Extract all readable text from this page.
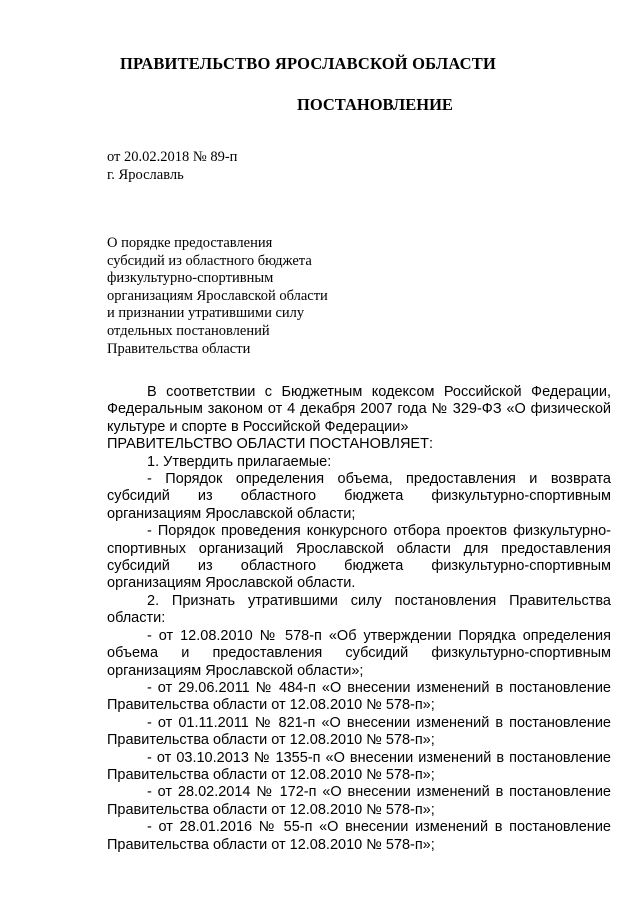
ПРАВИТЕЛЬСТВО ЯРОСЛАВСКОЙ ОБЛАСТИ
ПОСТАНОВЛЕНИЕ
от 20.02.2018 № 89-п
г. Ярославль
О порядке предоставления
субсидий из областного бюджета
физкультурно-спортивным
организациям Ярославской области
и признании утратившими силу
отдельных постановлений
Правительства области

В соответствии с Бюджетным кодексом Российской Федерации, Федеральным законом от 4 декабря 2007 года № 329-ФЗ «О физической культуре и спорте в Российской Федерации»

ПРАВИТЕЛЬСТВО ОБЛАСТИ ПОСТАНОВЛЯЕТ:

1. Утвердить прилагаемые:

- Порядок определения объема, предоставления и возврата субсидий из областного бюджета физкультурно-спортивным организациям Ярославской области;

- Порядок проведения конкурсного отбора проектов физкультурно-спортивных организаций Ярославской области для предоставления субсидий из областного бюджета физкультурно-спортивным организациям Ярославской области.

2. Признать утратившими силу постановления Правительства области:

- от 12.08.2010 № 578-п «Об утверждении Порядка определения объема и предоставления субсидий физкультурно-спортивным организациям Ярославской области»;

- от 29.06.2011 № 484-п «О внесении изменений в постановление Правительства области от 12.08.2010 № 578-п»;

- от 01.11.2011 № 821-п «О внесении изменений в постановление Правительства области от 12.08.2010 № 578-п»;

- от 03.10.2013 № 1355-п «О внесении изменений в постановление Правительства области от 12.08.2010 № 578-п»;

- от 28.02.2014 № 172-п «О внесении изменений в постановление Правительства области от 12.08.2010 № 578-п»;

- от 28.01.2016 № 55-п «О внесении изменений в постановление Правительства области от 12.08.2010 № 578-п»;
